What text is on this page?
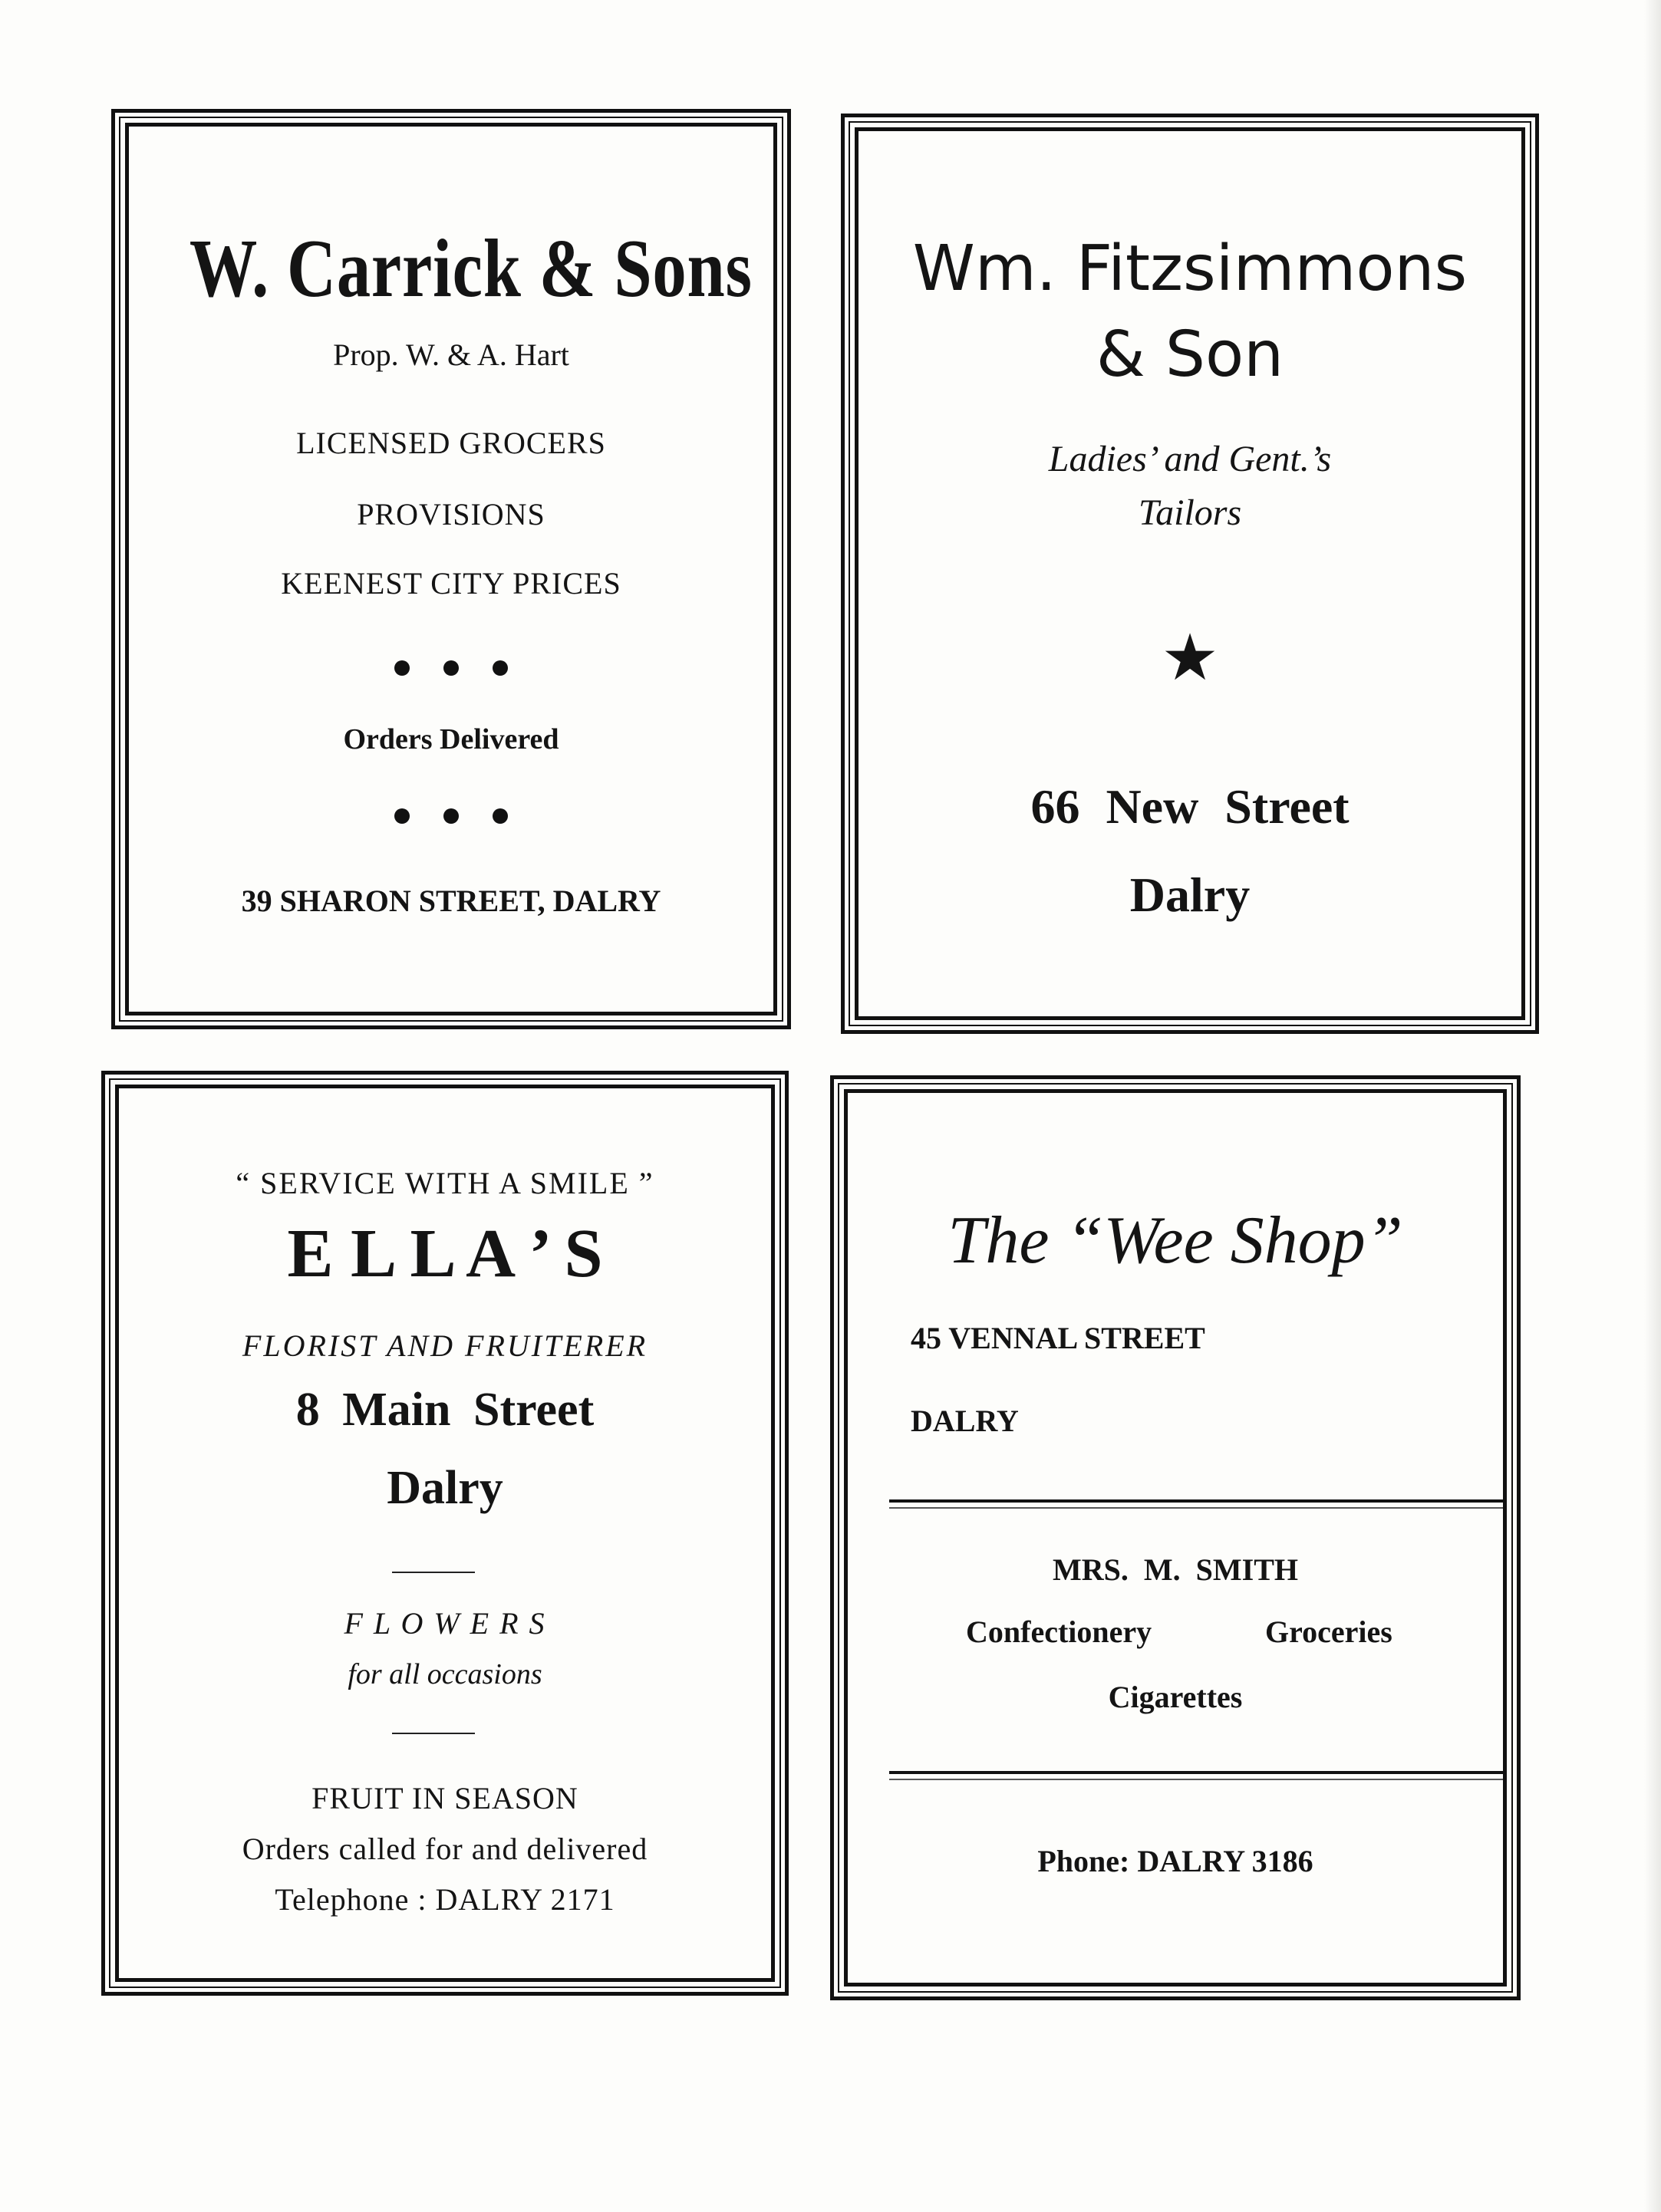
W. Carrick & Sons
Prop. W. & A. Hart
LICENSED GROCERS
PROVISIONS
KEENEST CITY PRICES
Orders Delivered
39 SHARON STREET, DALRY
Wm. Fitzsimmons
& Son
Ladies’ and Gent.’s
Tailors
★
66 New Street
Dalry
“ SERVICE WITH A SMILE ”
E L L A ’ S
FLORIST AND FRUITERER
8 Main Street
Dalry
F L O W E R S
for all occasions
FRUIT IN SEASON
Orders called for and delivered
Telephone : DALRY 2171
The “Wee Shop”
45 VENNAL STREET
DALRY
MRS. M. SMITH
Confectionery	Groceries
Cigarettes
Phone: DALRY 3186
